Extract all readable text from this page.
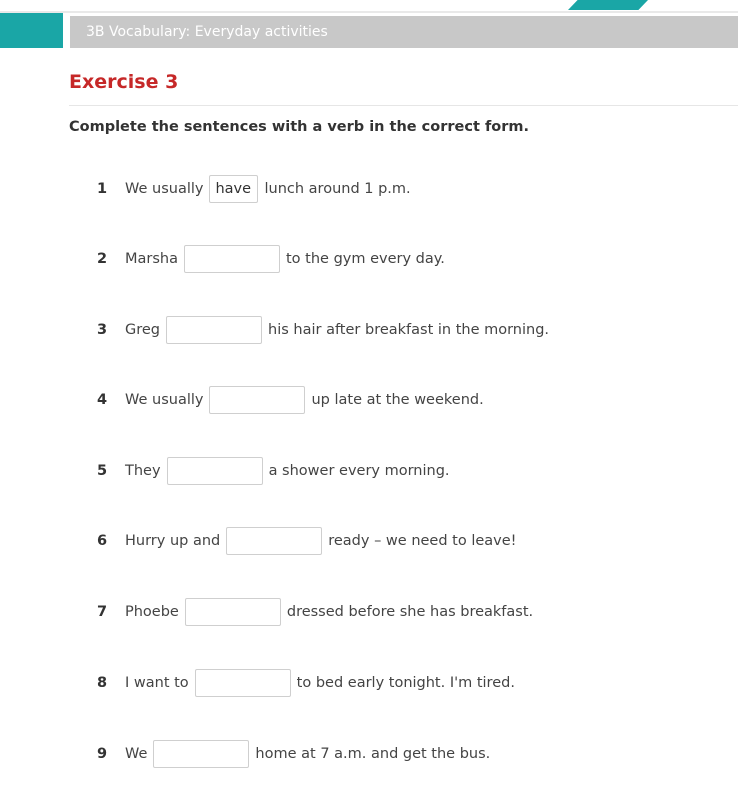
3B Vocabulary: Everyday activities
Exercise 3
Complete the sentences with a verb in the correct form.
1	We usually
have	lunch around 1 p.m.
2	Marsha	to the gym every day.
3	Greg	his hair after breakfast in the morning.
4	We usually	up late at the weekend.
5	They	a shower every morning.
6	Hurry up and	ready – we need to leave!
7	Phoebe	dressed before she has breakfast.
8	I want to	to bed early tonight. I'm tired.
9	We	home at 7 a.m. and get the bus.
